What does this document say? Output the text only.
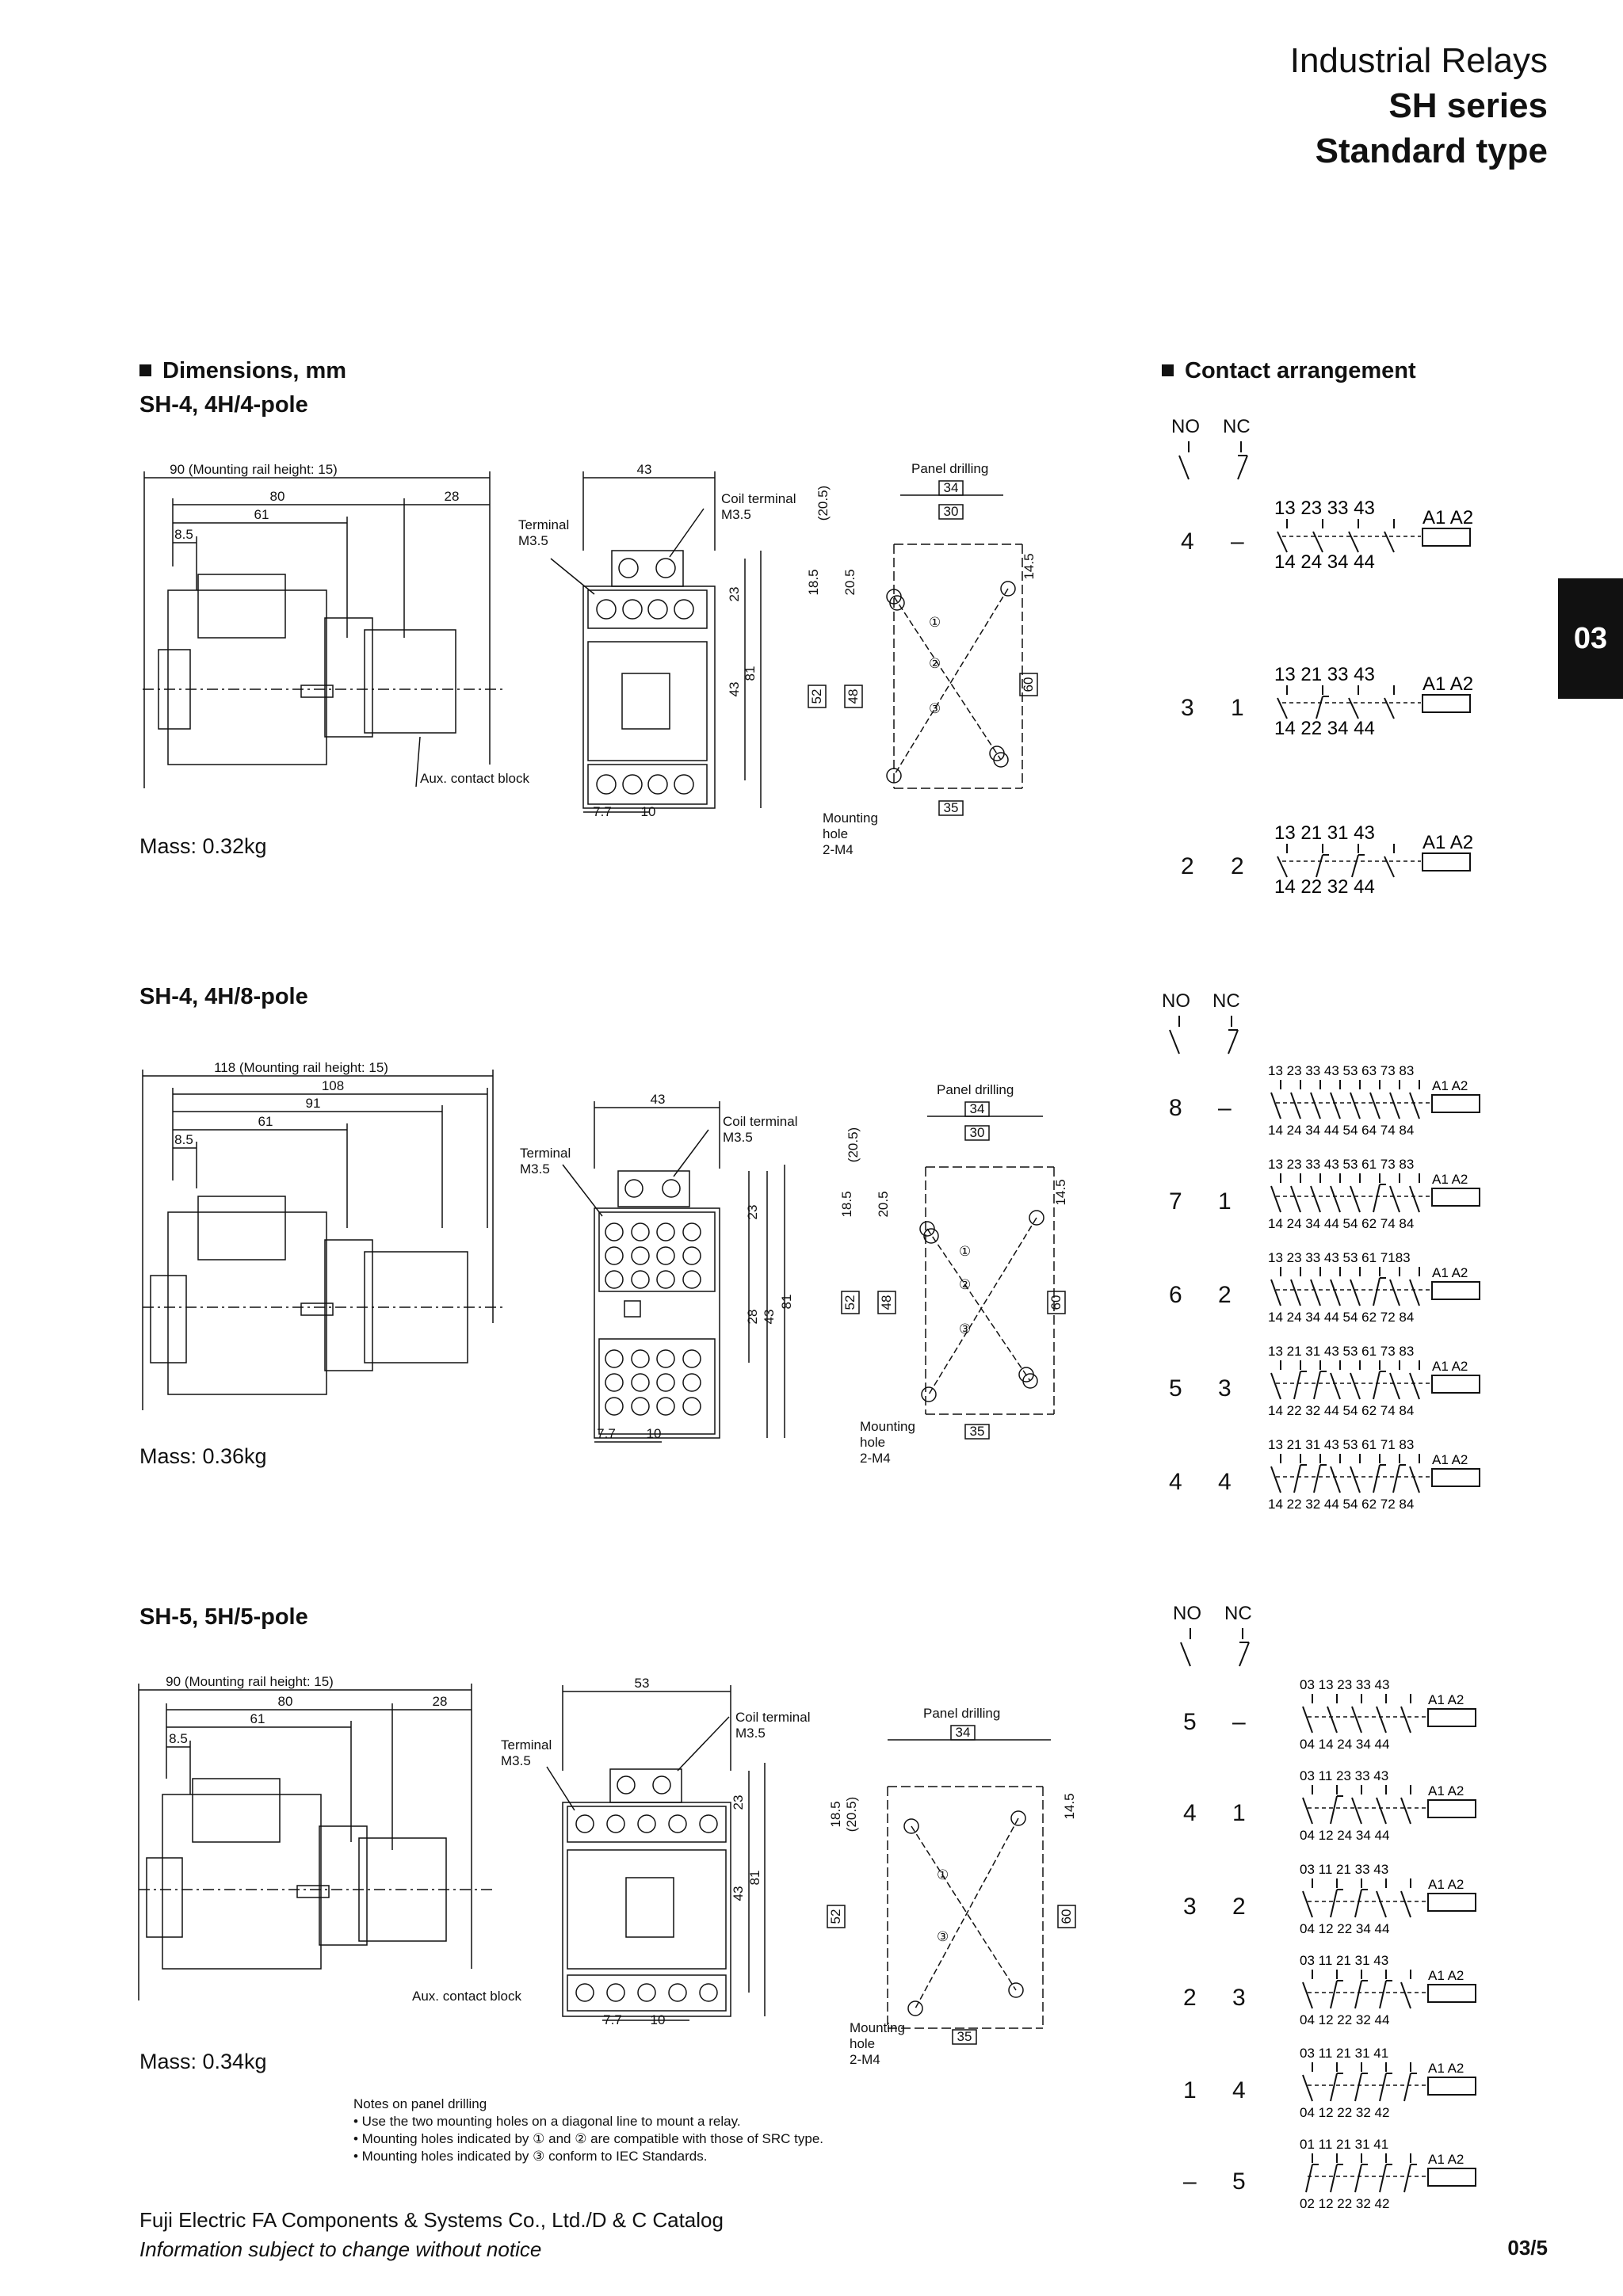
Industrial Relays
SH series
Standard type
03
Dimensions, mm	Contact arrangement
SH-4, 4H/4-pole
SH-4, 4H/8-pole
SH-5, 5H/5-pole
Mass: 0.32kg
Mass: 0.36kg
Mass: 0.34kg
90 (Mounting rail height: 15)
80
61
8.5
28
Aux. contact block
43
Coil terminal
M3.5
Terminal
M3.5
23
43
81
7.7 10
Panel drilling
34
30
(20.5)
18.5 20.5
14.5
52 48
60
35
Mounting
hole
2-M4
①
②
③
118 (Mounting rail height: 15)
108
91
61
8.5
43
Coil terminal
M3.5
Terminal
M3.5
23
28 43
81
7.7 10
Panel drilling
34
30
(20.5)
18.5 20.5	14.5
52 48	60
35
Mounting
hole
2-M4
①
②
③
90 (Mounting rail height: 15)
80
61
8.5
28
Aux. contact block
53
Coil terminal
M3.5
Terminal
M3.5
23
43
81
7.7 10
Panel drilling
34
18.5 (20.5)	14.5
52	60
35
Mounting
hole
2-M4
①
③
NO NC
NO NC
NO NC
4 –
13 23 33 43
14 24 34 44
A1 A2
3 1
13 21 33 43
14 22 34 44
A1 A2
2 2
13 21 31 43
14 22 32 44
A1 A2
8 –
13 23 33 43 53 63 73 83
14 24 34 44 54 64 74 84
A1 A2
7 1
13 23 33 43 53 61 73 83
14 24 34 44 54 62 74 84
A1 A2
6 2
13 23 33 43 53 61 7183
14 24 34 44 54 62 72 84
A1 A2
5 3
13 21 31 43 53 61 73 83
14 22 32 44 54 62 74 84
A1 A2
4 4
13 21 31 43 53 61 71 83
14 22 32 44 54 62 72 84
A1 A2
5 –
03 13 23 33 43
04 14 24 34 44
A1 A2
4 1
03 11 23 33 43
04 12 24 34 44
A1 A2
3 2
03 11 21 33 43
04 12 22 34 44
A1 A2
2 3
03 11 21 31 43
04 12 22 32 44
A1 A2
1 4
03 11 21 31 41
04 12 22 32 42
A1 A2
– 5
01 11 21 31 41
02 12 22 32 42
A1 A2
Notes on panel drilling
• Use the two mounting holes on a diagonal line to mount a relay.
• Mounting holes indicated by ① and ② are compatible with those of SRC type.
• Mounting holes indicated by ③ conform to IEC Standards.
Fuji Electric FA Components & Systems Co., Ltd./D & C Catalog
Information subject to change without notice	03/5
